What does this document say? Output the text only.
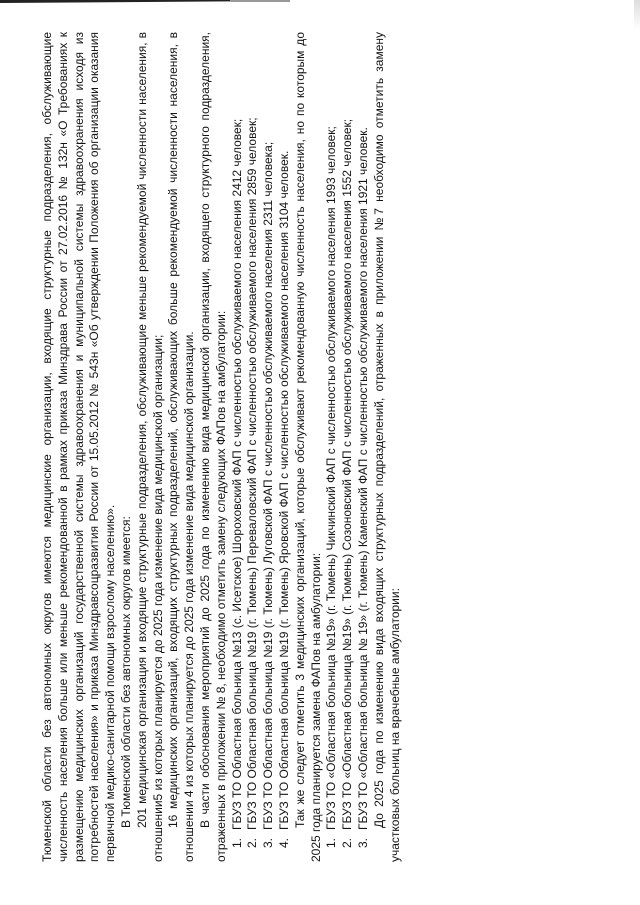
Тюменской области без автономных округов имеются медицинские организации, входящие структурные подразделения, обслуживающие численность населения больше или меньше рекомендованной в рамках приказа Минздрава России от 27.02.2016 № 132н «О Требованиях к размещению медицинских организаций государственной системы здравоохранения и муниципальной системы здравоохранения исходя из потребностей населения» и приказа Минздравсоцразвития России от 15.05.2012 № 543н «Об утверждении Положения об организации оказания первичной медико-санитарной помощи взрослому населению». В Тюменской области без автономных округов имеется: 201 медицинская организация и входящие структурные подразделения, обслуживающие меньше рекомендуемой численности населения, в отношении5 из которых планируется до 2025 года изменение вида медицинской организации; 16 медицинских организаций, входящих структурных подразделений, обслуживающих больше рекомендуемой численности населения, в отношении 4 из которых планируется до 2025 года изменение вида медицинской организации. В части обоснования мероприятий до 2025 года по изменению вида медицинской организации, входящего структурного подразделения, отраженных в приложении № 8, необходимо отметить замену следующих ФАПов на амбулатории: 1.
ГБУЗ ТО Областная больница №13 (с. Исетское) Шороховский ФАП с численностью обслуживаемого населения 2412 человек;
2.
ГБУЗ ТО Областная больница №19 (г. Тюмень) Переваловский ФАП с численностью обслуживаемого населения 2859 человек;
3.
ГБУЗ ТО Областная больница №19 (г. Тюмень) Луговской ФАП с численностью обслуживаемого населения 2311 человека;
4.
ГБУЗ ТО Областная больница №19 (г. Тюмень) Яровской ФАП с численностью обслуживаемого населения 3104 человек. Так же следует отметить 3 медицинских организаций, которые обслуживают рекомендованную численность населения, но по которым до 2025 года планируется замена ФАПов на амбулатории: 1.
ГБУЗ ТО «Областная больница №19» (г. Тюмень) Чикчинский ФАП с численностью обслуживаемого населения 1993 человек;
2.
ГБУЗ ТО «Областная больница №19» (г. Тюмень) Созоновский ФАП с численностью обслуживаемого населения 1552 человек;
3.
ГБУЗ ТО «Областная больница № 19» (г. Тюмень) Каменский ФАП с численностью обслуживаемого населения 1921 человек. До 2025 года по изменению вида входящих структурных подразделений, отраженных в приложении №7 необходимо отметить замену участковых больниц на врачебные амбулатории:
